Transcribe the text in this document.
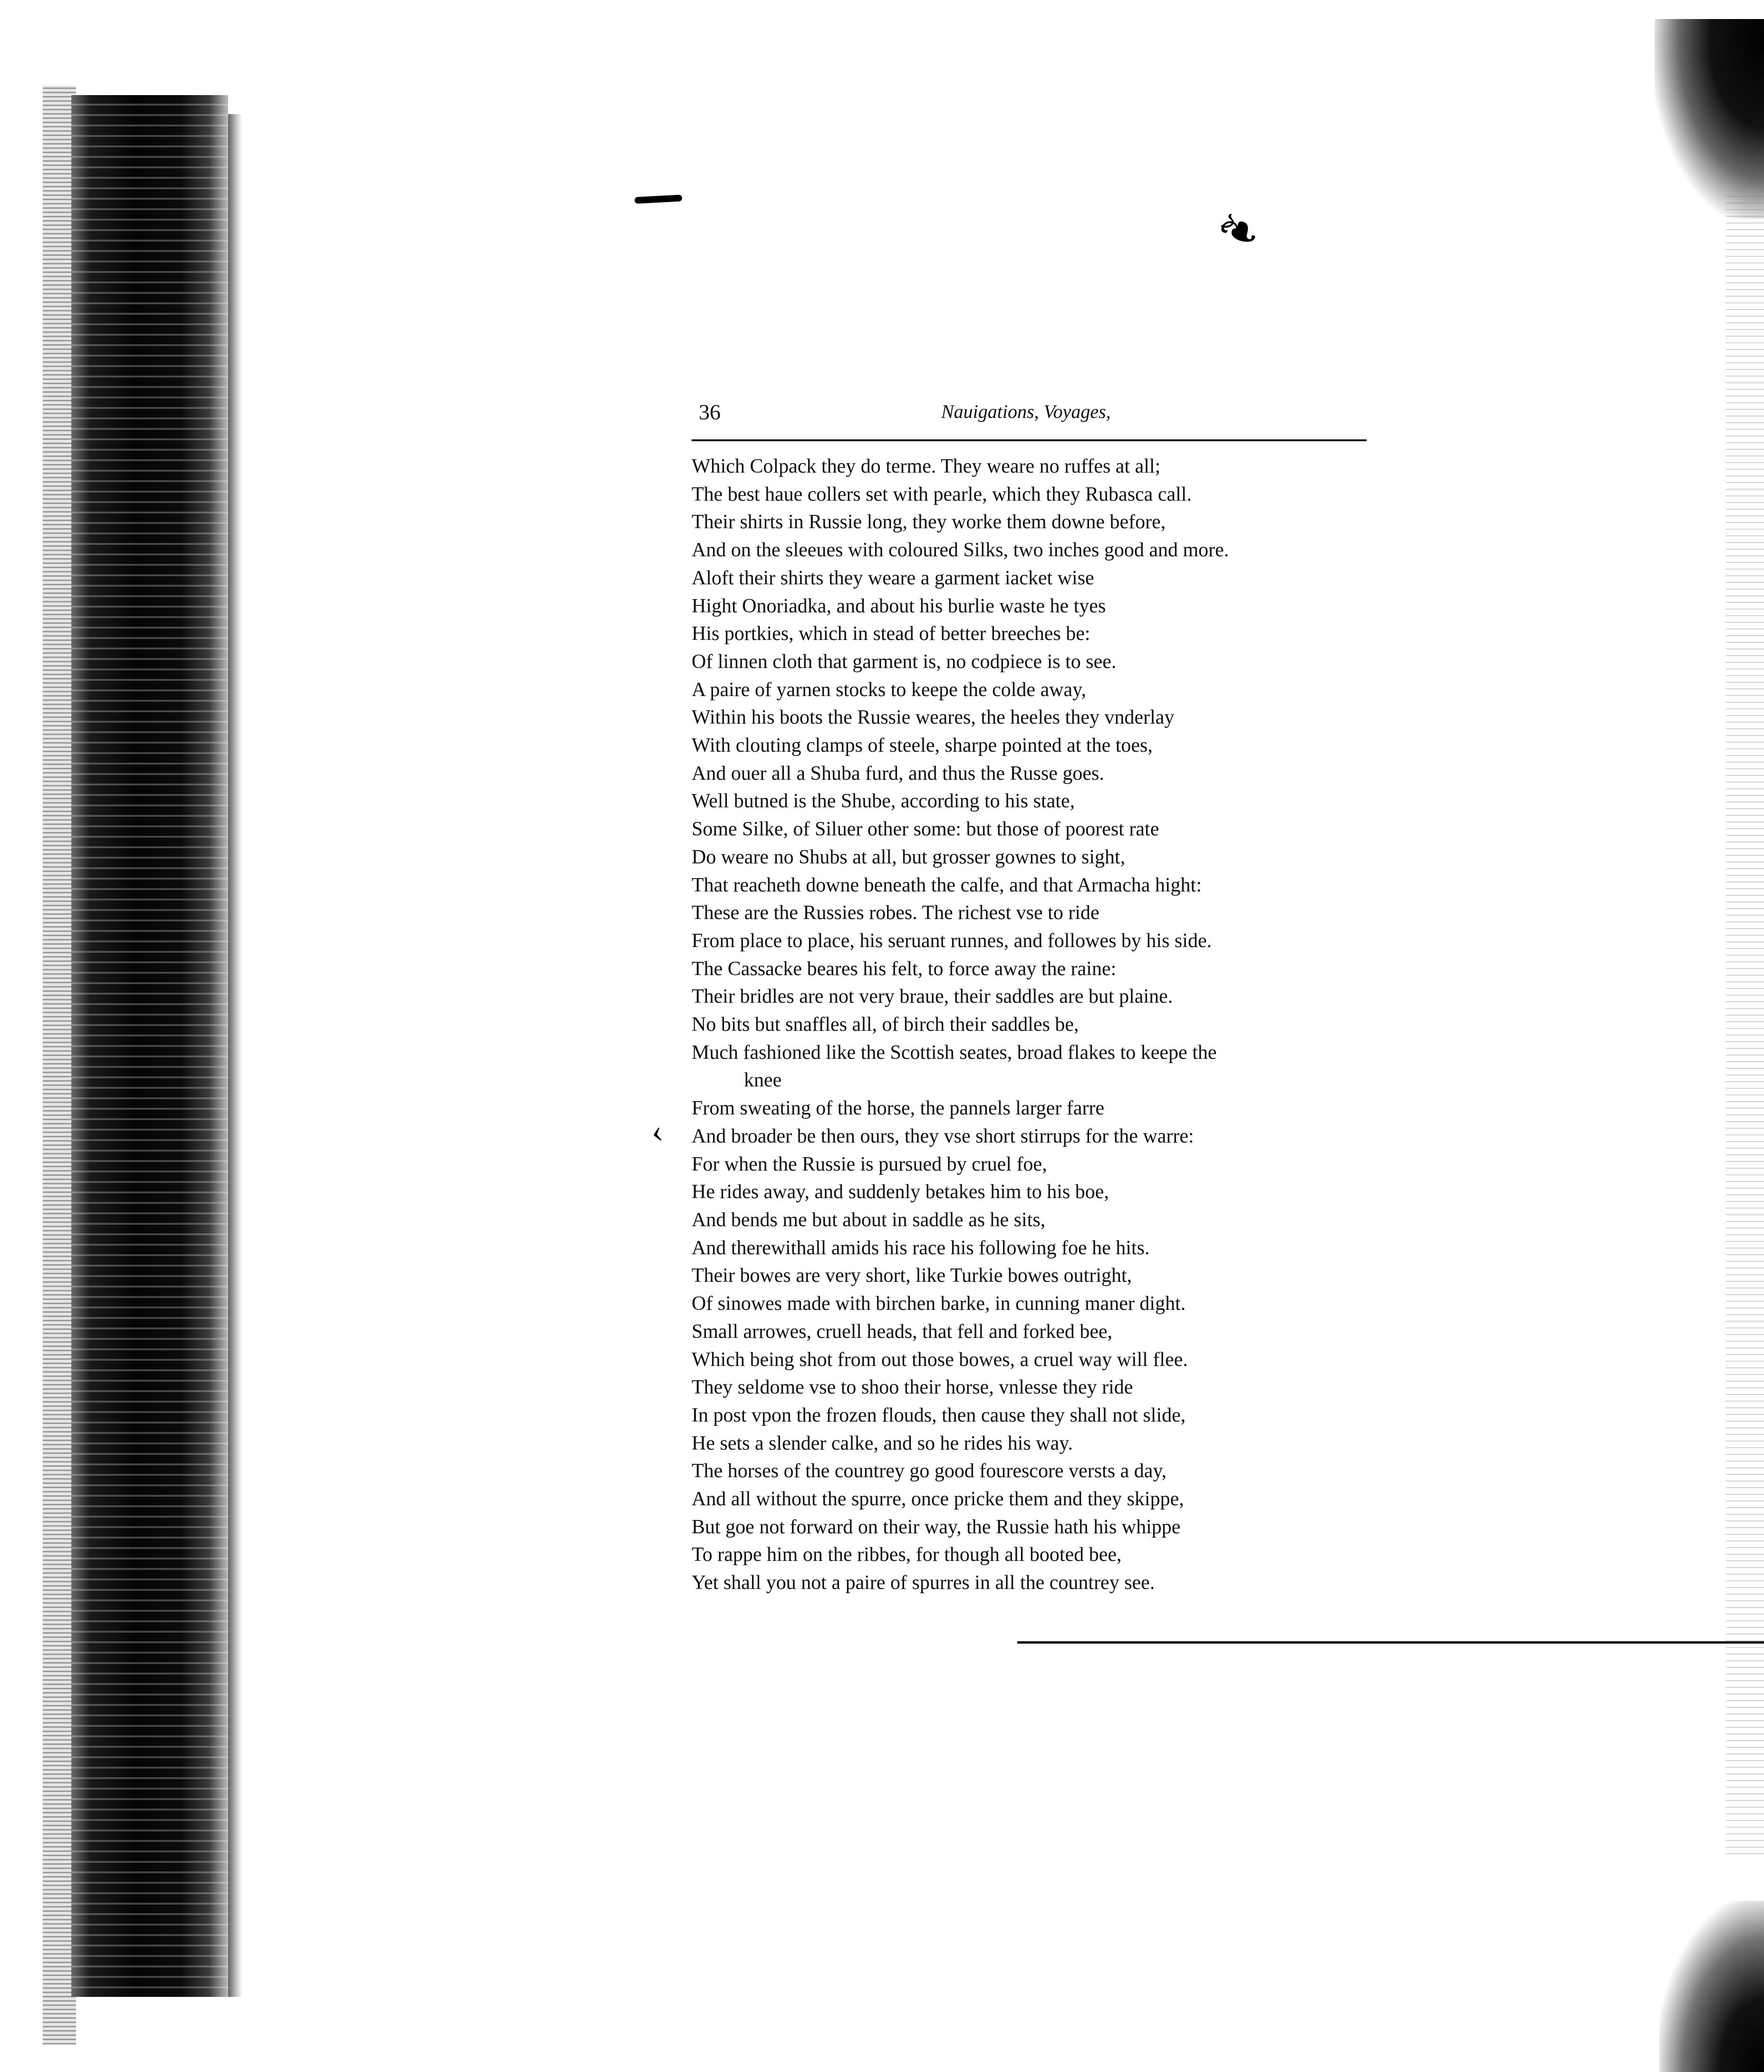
❧
‹
36	Nauigations, Voyages,
Which Colpack they do terme. They weare no ruffes at all;
The best haue collers set with pearle, which they Rubasca call.
Their shirts in Russie long, they worke them downe before,
And on the sleeues with coloured Silks, two inches good and more.
Aloft their shirts they weare a garment iacket wise
Hight Onoriadka, and about his burlie waste he tyes
His portkies, which in stead of better breeches be:
Of linnen cloth that garment is, no codpiece is to see.
A paire of yarnen stocks to keepe the colde away,
Within his boots the Russie weares, the heeles they vnderlay
With clouting clamps of steele, sharpe pointed at the toes,
And ouer all a Shuba furd, and thus the Russe goes.
Well butned is the Shube, according to his state,
Some Silke, of Siluer other some: but those of poorest rate
Do weare no Shubs at all, but grosser gownes to sight,
That reacheth downe beneath the calfe, and that Armacha hight:
These are the Russies robes. The richest vse to ride
From place to place, his seruant runnes, and followes by his side.
The Cassacke beares his felt, to force away the raine:
Their bridles are not very braue, their saddles are but plaine.
No bits but snaffles all, of birch their saddles be,
Much fashioned like the Scottish seates, broad flakes to keepe the
knee
From sweating of the horse, the pannels larger farre
And broader be then ours, they vse short stirrups for the warre:
For when the Russie is pursued by cruel foe,
He rides away, and suddenly betakes him to his boe,
And bends me but about in saddle as he sits,
And therewithall amids his race his following foe he hits.
Their bowes are very short, like Turkie bowes outright,
Of sinowes made with birchen barke, in cunning maner dight.
Small arrowes, cruell heads, that fell and forked bee,
Which being shot from out those bowes, a cruel way will flee.
They seldome vse to shoo their horse, vnlesse they ride
In post vpon the frozen flouds, then cause they shall not slide,
He sets a slender calke, and so he rides his way.
The horses of the countrey go good fourescore versts a day,
And all without the spurre, once pricke them and they skippe,
But goe not forward on their way, the Russie hath his whippe
To rappe him on the ribbes, for though all booted bee,
Yet shall you not a paire of spurres in all the countrey see.
